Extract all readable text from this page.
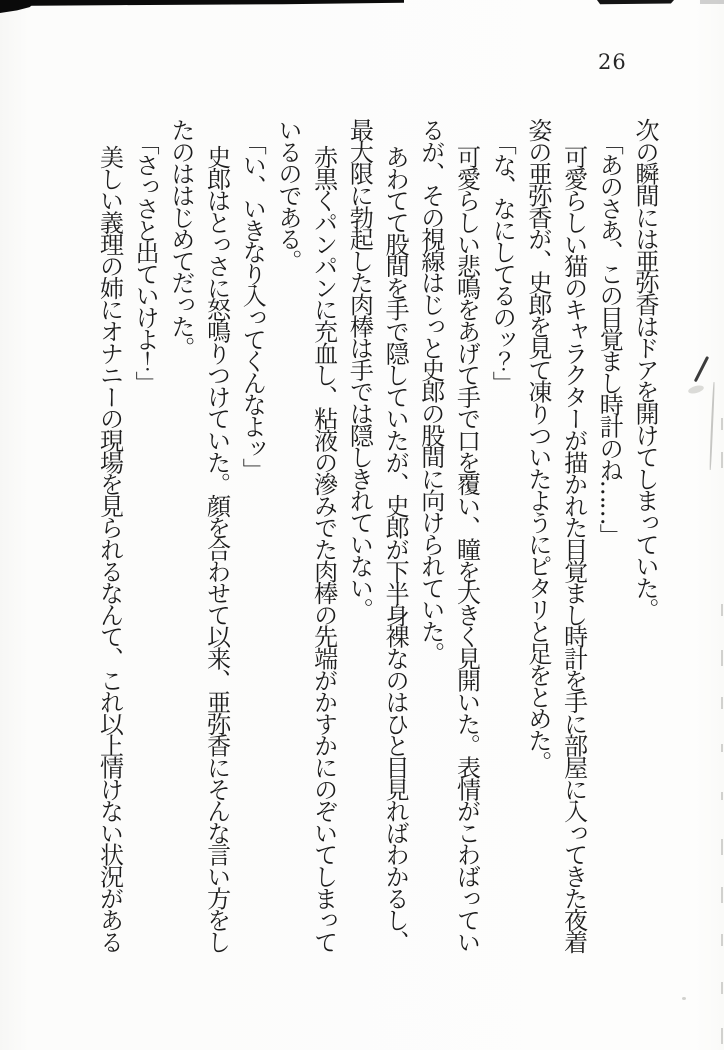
26
次の瞬間には亜弥香はドアを開けてしまっていた。
「あのさあ、この目覚まし時計のね……」
可愛らしい猫のキャラクターが描かれた目覚まし時計を手に部屋に入ってきた夜着
姿の亜弥香が、史郎を見て凍りついたようにピタリと足をとめた。
「な、なにしてるのッ？」
可愛らしい悲鳴をあげて手で口を覆い、瞳を大きく見開いた。表情がこわばってい
るが、その視線はじっと史郎の股間に向けられていた。
あわてて股間を手で隠していたが、史郎が下半身裸なのはひと目見ればわかるし、
最大限に勃起した肉棒は手では隠しきれていない。
赤黒くパンパンに充血し、粘液の滲みでた肉棒の先端がかすかにのぞいてしまって
いるのである。
「い、いきなり入ってくんなよッ」
史郎はとっさに怒鳴りつけていた。顔を合わせて以来、亜弥香にそんな言い方をし
たのははじめてだった。
「さっさと出ていけよ！」
美しい義理の姉にオナニーの現場を見られるなんて、これ以上情けない状況がある
